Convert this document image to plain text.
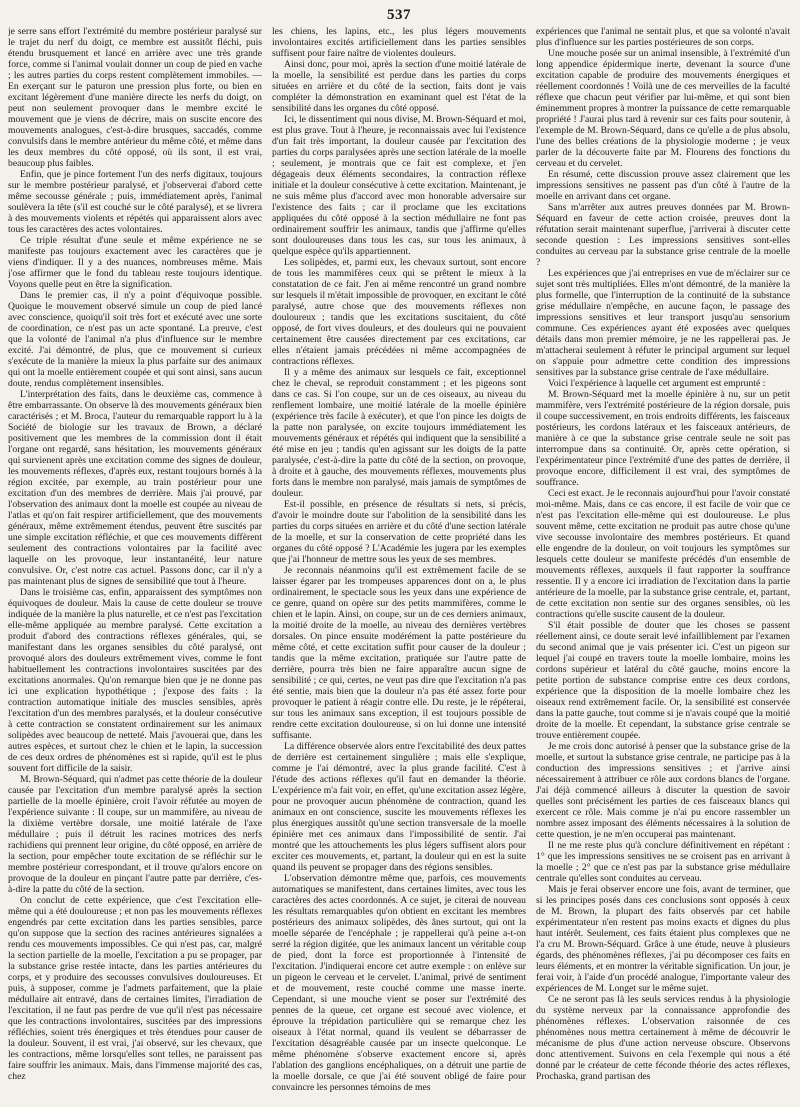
537

je serre sans effort l'extrémité du membre postérieur paralysé sur le trajet du nerf du doigt, ce membre est aussitôt fléchi, puis étendu brusquement et lancé en arrière avec une très grande force, comme si l'animal voulait donner un coup de pied en vache ; les autres parties du corps restent complètement immobiles. — En exerçant sur le paturon une pression plus forte, ou bien en excitant légèrement d'une manière directe les nerfs du doigt, on peut non seulement provoquer dans le membre excité le mouvement que je viens de décrire, mais on suscite encore des mouvements analogues, c'est-à-dire brusques, saccadés, comme convulsifs dans le membre antérieur du même côté, et même dans les deux membres du côté opposé, où ils sont, il est vrai, beaucoup plus faibles.

Enfin, que je pince fortement l'un des nerfs digitaux, toujours sur le membre postérieur paralysé, et j'observerai d'abord cette même secousse générale ; puis, immédiatement après, l'animal soulèvera la tête (s'il est couché sur le côté paralysé), et se livrera à des mouvements violents et répétés qui apparaissent alors avec tous les caractères des actes volontaires.

Ce triple résultat d'une seule et même expérience ne se manifeste pas toujours exactement avec les caractères que je viens d'indiquer. Il y a des nuances, nombreuses même. Mais j'ose affirmer que le fond du tableau reste toujours identique. Voyons quelle peut en être la signification.

Dans le premier cas, il n'y a point d'équivoque possible. Quoique le mouvement observé simule un coup de pied lancé avec conscience, quoiqu'il soit très fort et exécuté avec une sorte de coordination, ce n'est pas un acte spontané. La preuve, c'est que la volonté de l'animal n'a plus d'influence sur le membre excité. J'ai démontré, de plus, que ce mouvement si curieux s'exécute de la manière la mieux la plus parfaite sur des animaux qui ont la moelle entièrement coupée et qui sont ainsi, sans aucun doute, rendus complètement insensibles.

L'interprétation des faits, dans le deuxième cas, commence à être embarrassante. On observe là des mouvements généraux bien caractérisés ; et M. Broca, l'auteur du remarquable rapport lu à la Société de biologie sur les travaux de Brown, a déclaré positivement que les membres de la commission dont il était l'organe ont regardé, sans hésitation, les mouvements généraux qui survienent après une excitation comme des signes de douleur, les mouvements réflexes, d'après eux, restant toujours bornés à la région excitée, par exemple, au train postérieur pour une excitation d'un des membres de derrière. Mais j'ai prouvé, par l'observation des animaux dont la moelle est coupée au niveau de l'atlas et qu'on fait respirer artificiellement, que des mouvements généraux, même extrêmement étendus, peuvent être suscités par une simple excitation réfléchie, et que ces mouvements diffèrent seulement des contractions volontaires par la facilité avec laquelle on les provoque, leur instantanéité, leur nature convulsive. Or, c'est notre cas actuel. Passons donc, car il n'y a pas maintenant plus de signes de sensibilité que tout à l'heure.

Dans le troisième cas, enfin, apparaissent des symptômes non équivoques de douleur. Mais la cause de cette douleur se trouve indiquée de la manière la plus naturelle, et ce n'est pas l'excitation elle-même appliquée au membre paralysé. Cette excitation a produit d'abord des contractions réflexes générales, qui, se manifestant dans les organes sensibles du côté paralysé, ont provoqué alors des douleurs extrêmement vives, comme le font habituellement les contractions involontaires suscitées par des excitations anormales. Qu'on remarque bien que je ne donne pas ici une explication hypothétique ; j'expose des faits : la contraction automatique initiale des muscles sensibles, après l'excitation d'un des membres paralysés, et la douleur consécutive à cette contraction se constatent ordinairement sur les animaux solipèdes avec beaucoup de netteté. Mais j'avouerai que, dans les autres espèces, et surtout chez le chien et le lapin, la succession de ces deux ordres de phénomènes est si rapide, qu'il est le plus souvent fort difficile de la saisir.

M. Brown-Séquard, qui n'admet pas cette théorie de la douleur causée par l'excitation d'un membre paralysé après la section partielle de la moelle épinière, croit l'avoir réfutée au moyen de l'expérience suivante : Il coupe, sur un mammifère, au niveau de la dixième vertèbre dorsale, une moitié latérale de l'axe médullaire ; puis il détruit les racines motrices des nerfs rachidiens qui prennent leur origine, du côté opposé, en arrière de la section, pour empêcher toute excitation de se réfléchir sur le membre postérieur correspondant, et il trouve qu'alors encore on provoque de la douleur en pinçant l'autre patte par derrière, c'es-à-dire la patte du côté de la section.

On conclut de cette expérience, que c'est l'excitation elle-même qui a été douloureuse ; et non pas les mouvements réflexes engendrés par cette excitation dans les parties sensibles, parce qu'on suppose que la section des racines antérieures signalées a rendu ces mouvements impossibles. Ce qui n'est pas, car, malgré la section partielle de la moelle, l'excitation a pu se propager, par la substance grise restée intacte, dans les parties antérieures du corps, et y produire des secousses convulsives douloureuses. Et puis, à supposer, comme je l'admets parfaitement, que la plaie médullaire ait entravé, dans de certaines limites, l'irradiation de l'excitation, il ne faut pas perdre de vue qu'il n'est pas nécessaire que les contractions involontaires, suscitées par des impressions réfléchies, soient très énergiques et très étendues pour causer de la douleur. Souvent, il est vrai, j'ai observé, sur les chevaux, que les contractions, même lorsqu'elles sont telles, ne paraissent pas faire souffrir les animaux. Mais, dans l'immense majorité des cas, chez

les chiens, les lapins, etc., les plus légers mouvements involontaires excités artificiellement dans les parties sensibles suffisent pour faire naître de violentes douleurs.

Ainsi donc, pour moi, après la section d'une moitié latérale de la moelle, la sensibilité est perdue dans les parties du corps situées en arrière et du côté de la section, faits dont je vais compléter la démonstration en examinant quel est l'état de la sensibilité dans les organes du côté opposé.

Ici, le dissentiment qui nous divise, M. Brown-Séquard et moi, est plus grave. Tout à l'heure, je reconnaissais avec lui l'existence d'un fait très important, la douleur causée par l'excitation des parties du corps paralysées après une section latérale de la moelle ; seulement, je montrais que ce fait est complexe, et j'en dégageais deux éléments secondaires, la contraction réflexe initiale et la douleur consécutive à cette excitation. Maintenant, je ne suis même plus d'accord avec mon honorable adversaire sur l'existence des faits ; car il proclame que les excitations appliquées du côté opposé à la section médullaire ne font pas ordinairement souffrir les animaux, tandis que j'affirme qu'elles sont douloureuses dans tous les cas, sur tous les animaux, à quelque espèce qu'ils appartiennent.

Les solipèdes, et, parmi eux, les chevaux surtout, sont encore de tous les mammifères ceux qui se prêtent le mieux à la constatation de ce fait. J'en ai même rencontré un grand nombre sur lesquels il m'était impossible de provoquer, en excitant le côté paralysé, autre chose que des mouvements réflexes non douloureux ; tandis que les excitations suscitaient, du côté opposé, de fort vives douleurs, et des douleurs qui ne pouvaient certainement être causées directement par ces excitations, car elles n'étaient jamais précédées ni même accompagnées de contractions réflexes.

Il y a même des animaux sur lesquels ce fait, exceptionnel chez le cheval, se reproduit constamment ; et les pigeons sont dans ce cas. Si l'on coupe, sur un de ces oiseaux, au niveau du renflement lombaire, une moitié latérale de la moelle épinière (expérience très facile à exécuter), et que l'on pince les doigts de la patte non paralysée, on excite toujours immédiatement les mouvements généraux et répétés qui indiquent que la sensibilité a été mise en jeu ; tandis qu'en agissant sur les doigts de la patte paralysée, c'est-à-dire la patte du côté de la section, on provoque, à droite et à gauche, des mouvements réflexes, mouvements plus forts dans le membre non paralysé, mais jamais de symptômes de douleur.

Est-il possible, en présence de résultats si nets, si précis, d'avoir le moindre doute sur l'abolition de la sensibilité dans les parties du corps situées en arrière et du côté d'une section latérale de la moelle, et sur la conservation de cette propriété dans les organes du côté opposé ? L'Académie les jugera par les exemples que j'ai l'honneur de mettre sous les yeux de ses membres.

Je reconnais néanmoins qu'il est extrêmement facile de se laisser égarer par les trompeuses apparences dont on a, le plus ordinairement, le spectacle sous les yeux dans une expérience de ce genre, quand on opère sur des petits mammifères, comme le chien et le lapin. Ainsi, on coupe, sur un de ces derniers animaux, la moitié droite de la moelle, au niveau des dernières vertèbres dorsales. On pince ensuite modérément la patte postérieure du même côté, et cette excitation suffit pour causer de la douleur ; tandis que la même excitation, pratiquée sur l'autre patte de derrière, pourra très bien ne faire apparaître aucun signe de sensibilité ; ce qui, certes, ne veut pas dire que l'excitation n'a pas été sentie, mais bien que la douleur n'a pas été assez forte pour provoquer le patient à réagir contre elle. Du reste, je le répéterai, sur tous les animaux sans exception, il est toujours possible de rendre cette excitation douloureuse, si on lui donne une intensité suffisante.

La différence observée alors entre l'excitabilité des deux pattes de derrière est certainement singulière ; mais elle s'explique, comme je l'ai démontré, avec la plus grande facilité. C'est à l'étude des actions réflexes qu'il faut en demander la théorie. L'expérience m'a fait voir, en effet, qu'une excitation assez légère, pour ne provoquer aucun phénomène de contraction, quand les animaux en ont conscience, suscite les mouvements réflexes les plus énergiques aussitôt qu'une section transversale de la moelle épinière met ces animaux dans l'impossibilité de sentir. J'ai montré que les attouchements les plus légers suffisent alors pour exciter ces mouvements, et, partant, la douleur qui en est la suite quand ils peuvent se propager dans des régions sensibles.

L'observation démontre même que, parfois, ces mouvements automatiques se manifestent, dans certaines limites, avec tous les caractères des actes coordonnés. A ce sujet, je citerai de nouveau les résultats remarquables qu'on obtient en excitant les membres postérieurs des animaux solipèdes, dès ânes surtout, qui ont la moelle séparée de l'encéphale ; je rappellerai qu'à peine a-t-on serré la région digitée, que les animaux lancent un véritable coup de pied, dont la force est proportionnée à l'intensité de l'excitation. J'indiquerai encore cet autre exemple : on enlève sur un pigeon le cerveau et le cervelet. L'animal, privé de sentiment et de mouvement, reste couché comme une masse inerte. Cependant, si une mouche vient se poser sur l'extrémité des pennes de la queue, cet organe est secoué avec violence, et éprouve la trépidation particulière qui se remarque chez les oiseaux à l'état normal, quand ils veulent se débarrasser de l'excitation désagréable causée par un insecte quelconque. Le même phénomène s'observe exactement encore si, après l'ablation des ganglions encéphaliques, on a détruit une partie de la moelle dorsale, ce que j'ai été souvent obligé de faire pour convaincre les personnes témoins de mes

expériences que l'animal ne sentait plus, et que sa volonté n'avait plus d'influence sur les parties postérieures de son corps.

Une mouche posée sur un animal insensible, à l'extrémité d'un long appendice épidermique inerte, devenant la source d'une excitation capable de produire des mouvements énergiques et réellement coordonnés ! Voilà une de ces merveilles de la faculté réflexe que chacun peut vérifier par lui-même, et qui sont bien éminemment propres à montrer la puissance de cette remarquable propriété ! J'aurai plus tard à revenir sur ces faits pour soutenir, à l'exemple de M. Brown-Séquard, dans ce qu'elle a de plus absolu, l'une des belles créations de la physiologie moderne ; je veux parler de la découverte faite par M. Flourens des fonctions du cerveau et du cervelet.

En résumé, cette discussion prouve assez clairement que les impressions sensitives ne passent pas d'un côté à l'autre de la moelle en arrivant dans cet organe.

Sans m'arrêter aux autres preuves données par M. Brown-Séquard en faveur de cette action croisée, preuves dont la réfutation serait maintenant superflue, j'arriverai à discuter cette seconde question : Les impressions sensitives sont-elles conduites au cerveau par la substance grise centrale de la moelle ?

Les expériences que j'ai entreprises en vue de m'éclairer sur ce sujet sont très multipliées. Elles m'ont démontré, de la manière la plus formelle, que l'interruption de la continuité de la substance grise médullaire n'empêche, en aucune façon, le passage des impressions sensitives et leur transport jusqu'au sensorium commune. Ces expériences ayant été exposées avec quelques détails dans mon premier mémoire, je ne les rappellerai pas. Je m'attacherai seulement à réfuter le principal argument sur lequel on s'appuie pour admettre cette condition des impressions sensitives par la substance grise centrale de l'axe médullaire.

Voici l'expérience à laquelle cet argument est emprunté :

M. Brown-Séquard met la moelle épinière à nu, sur un petit mammifère, vers l'extrémité postérieure de la région dorsale, puis il coupe successivement, en trois endroits différents, les faisceaux postérieurs, les cordons latéraux et les faisceaux antérieurs, de manière à ce que la substance grise centrale seule ne soit pas interrompue dans sa continuité. Or, après cette opération, si l'expérimentateur pince l'extrémité d'une des pattes de derrière, il provoque encore, difficilement il est vrai, des symptômes de souffrance.

Ceci est exact. Je le reconnais aujourd'hui pour l'avoir constaté moi-même. Mais, dans ce cas encore, il est facile de voir que ce n'est pas l'excitation elle-même qui est douloureuse. Le plus souvent même, cette excitation ne produit pas autre chose qu'une vive secousse involontaire des membres postérieurs. Et quand elle engendre de la douleur, on voit toujours les symptômes sur lesquels cette douleur se manifeste précédés d'un ensemble de mouvements réflexes, auxquels il faut rapporter la souffrance ressentie. Il y a encore ici irradiation de l'excitation dans la partie antérieure de la moelle, par la substance grise centrale, et, partant, de cette excitation non sentie sur des organes sensibles, où les contractions qu'elle suscite causent de la douleur.

S'il était possible de douter que les choses se passent réellement ainsi, ce doute serait levé infailliblement par l'examen du second animal que je vais présenter ici. C'est un pigeon sur lequel j'ai coupé en travers toute la moelle lombaire, moins les cordons supérieur et latéral du côté gauche, moins encore la petite portion de substance comprise entre ces deux cordons, expérience que la disposition de la moelle lombaire chez les oiseaux rend extrêmement facile. Or, la sensibilité est conservée dans la patte gauche, tout comme si je n'avais coupé que la moitié droite de la moelle. Et cependant, la substance grise centrale se trouve entièrement coupée.

Je me crois donc autorisé à penser que la substance grise de la moelle, et surtout la substance grise centrale, ne participe pas à la conduction des impressions sensitives ; et j'arrive ainsi nécessairement à attribuer ce rôle aux cordons blancs de l'organe. J'ai déjà commencé ailleurs à discuter la question de savoir quelles sont précisément les parties de ces faisceaux blancs qui exercent ce rôle. Mais comme je n'ai pu encore rassembler un nombre assez imposant des éléments nécessaires à la solution de cette question, je ne m'en occuperai pas maintenant.

Il ne me reste plus qu'à conclure définitivement en répétant : 1° que les impressions sensitives ne se croisent pas en arrivant à la moelle ; 2° que ce n'est pas par la substance grise médullaire centrale qu'elles sont conduites au cerveau.

Mais je ferai observer encore une fois, avant de terminer, que si les principes posés dans ces conclusions sont opposés à ceux de M. Brown, la plupart des faits observés par cet habile expérimentateur n'en restent pas moins exacts et dignes du plus haut intérêt. Seulement, ces faits étaient plus complexes que ne l'a cru M. Brown-Séquard. Grâce à une étude, neuve à plusieurs égards, des phénomènes réflexes, j'ai pu décomposer ces faits en leurs éléments, et en montrer la véritable signification. Un jour, je ferai voir, à l'aide d'un procédé analogue, l'importante valeur des expériences de M. Longet sur le même sujet.

Ce ne seront pas là les seuls services rendus à la physiologie du système nerveux par la connaissance approfondie des phénomènes réflexes. L'observation raisonnée de ces phénomènes nous mettra certainement à même de découvrir le mécanisme de plus d'une action nerveuse obscure. Observons donc attentivement. Suivons en cela l'exemple qui nous a été donné par le créateur de cette féconde théorie des actes réflexes, Prochaska, grand partisan des
